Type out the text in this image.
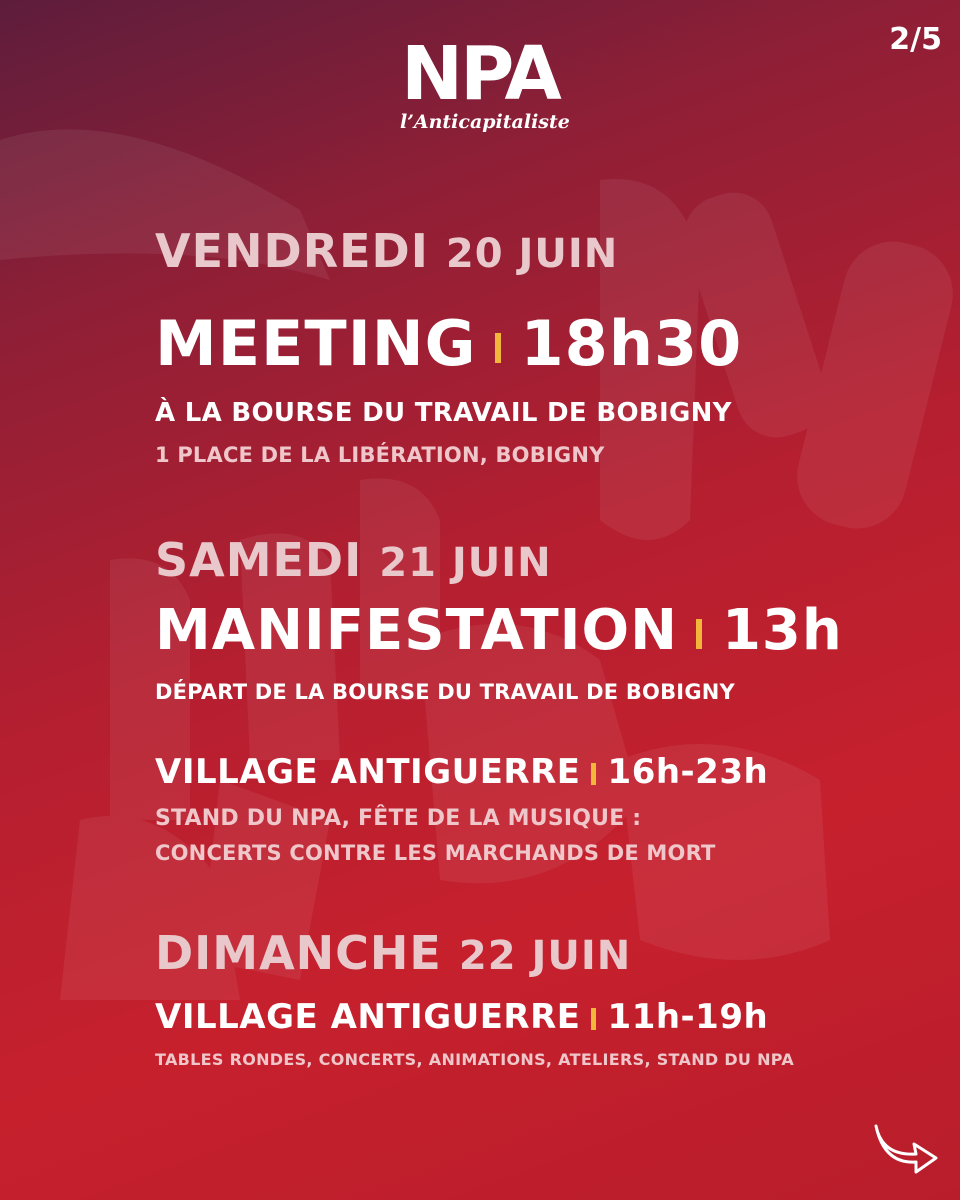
NPA
l’Anticapitaliste
2/5
VENDREDI 20 JUIN
MEETING 18h30
À LA BOURSE DU TRAVAIL DE BOBIGNY
1 PLACE DE LA LIBÉRATION, BOBIGNY
SAMEDI 21 JUIN
MANIFESTATION 13h
DÉPART DE LA BOURSE DU TRAVAIL DE BOBIGNY
VILLAGE ANTIGUERRE 16h-23h
STAND DU NPA, FÊTE DE LA MUSIQUE :
CONCERTS CONTRE LES MARCHANDS DE MORT
DIMANCHE 22 JUIN
VILLAGE ANTIGUERRE 11h-19h
TABLES RONDES, CONCERTS, ANIMATIONS, ATELIERS, STAND DU NPA
